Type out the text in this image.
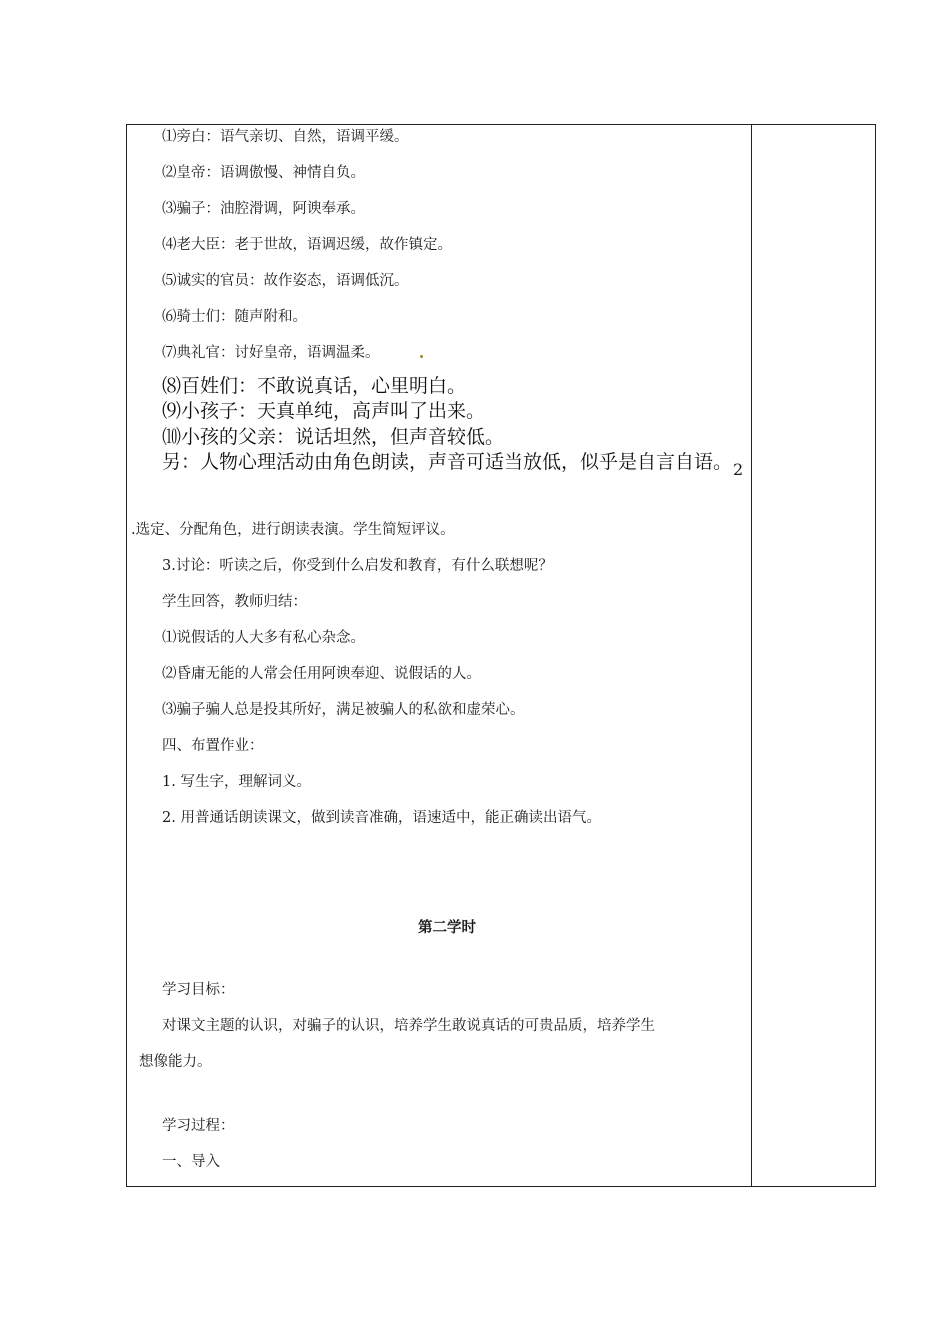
⑴旁白：语气亲切、自然，语调平缓。
⑵皇帝：语调傲慢、神情自负。
⑶骗子：油腔滑调，阿谀奉承。
⑷老大臣：老于世故，语调迟缓，故作镇定。
⑸诚实的官员：故作姿态，语调低沉。
⑹骑士们：随声附和。
⑺典礼官：讨好皇帝，语调温柔。
⑻百姓们：不敢说真话，心里明白。
⑼小孩子：天真单纯，高声叫了出来。
⑽小孩的父亲：说话坦然，但声音较低。
另：人物心理活动由角色朗读，声音可适当放低，似乎是自言自语。 2
.选定、分配角色，进行朗读表演。学生简短评议。
3.讨论：听读之后，你受到什么启发和教育，有什么联想呢？
学生回答，教师归结：
⑴说假话的人大多有私心杂念。
⑵昏庸无能的人常会任用阿谀奉迎、说假话的人。
⑶骗子骗人总是投其所好，满足被骗人的私欲和虚荣心。
四、布置作业：
1. 写生字，理解词义。
2. 用普通话朗读课文，做到读音准确，语速适中，能正确读出语气。
第二学时
学习目标：
对课文主题的认识，对骗子的认识，培养学生敢说真话的可贵品质，培养学生
想像能力。
学习过程：
一、导入
